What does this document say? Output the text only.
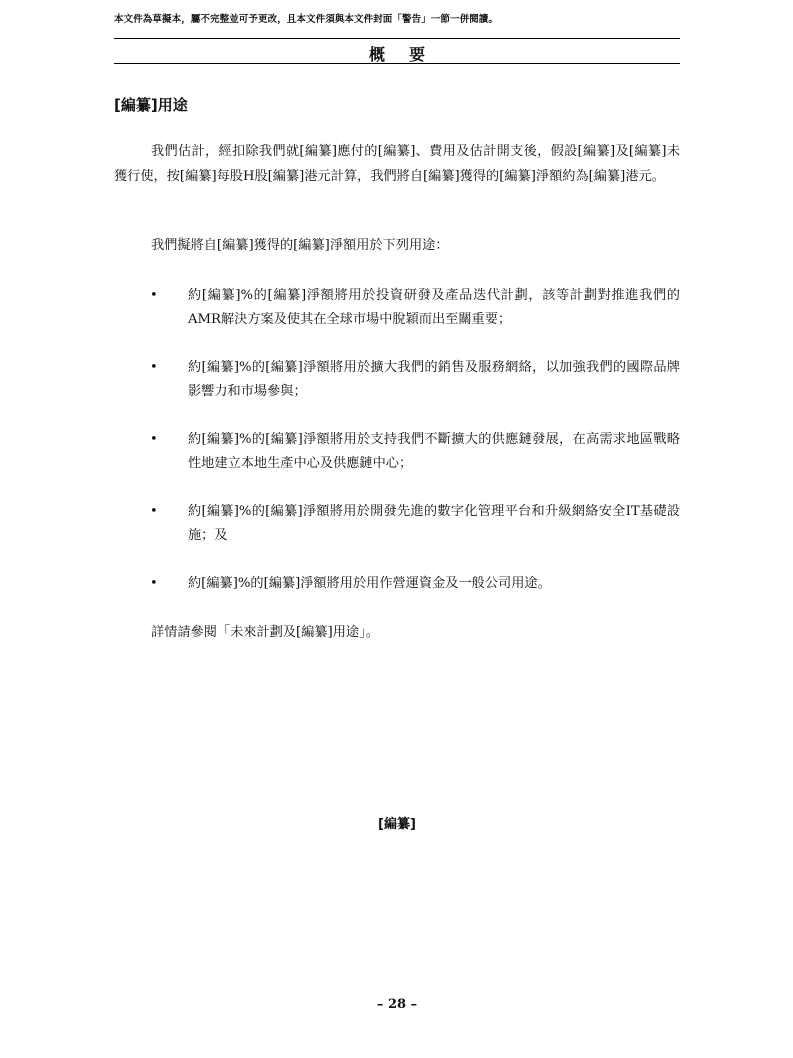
本文件為草擬本，屬不完整並可予更改，且本文件須與本文件封面「警告」一節一併閱讀。
概要
[編纂]用途
我們估計，經扣除我們就[編纂]應付的[編纂]、費用及估計開支後，假設[編纂]及[編纂]未獲行使，按[編纂]每股H股[編纂]港元計算，我們將自[編纂]獲得的[編纂]淨額約為[編纂]港元。
我們擬將自[編纂]獲得的[編纂]淨額用於下列用途：
• 約[編纂]%的[編纂]淨額將用於投資研發及產品迭代計劃，該等計劃對推進我們的AMR解決方案及使其在全球市場中脫穎而出至關重要；
• 約[編纂]%的[編纂]淨額將用於擴大我們的銷售及服務網絡，以加強我們的國際品牌影響力和市場參與；
• 約[編纂]%的[編纂]淨額將用於支持我們不斷擴大的供應鏈發展，在高需求地區戰略性地建立本地生產中心及供應鏈中心；
• 約[編纂]%的[編纂]淨額將用於開發先進的數字化管理平台和升級網絡安全IT基礎設施；及
• 約[編纂]%的[編纂]淨額將用於用作營運資金及一般公司用途。
詳情請參閱「未來計劃及[編纂]用途」。
[編纂]
– 28 –
